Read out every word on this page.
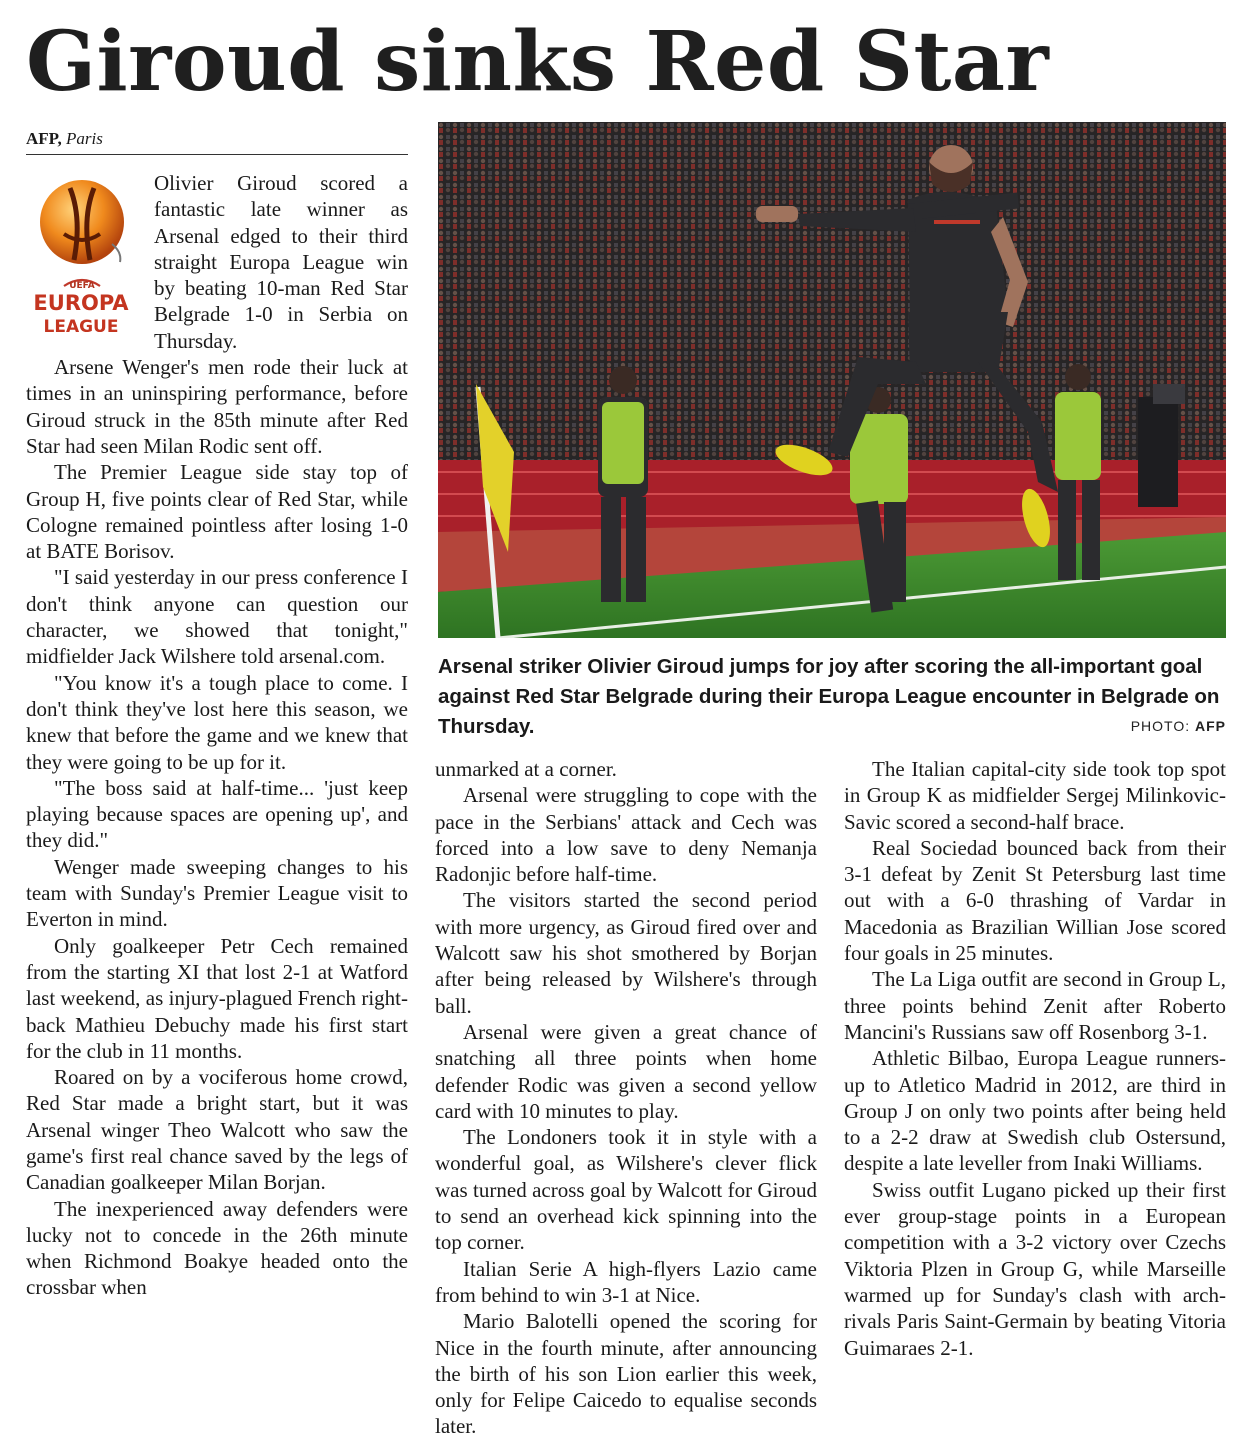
Giroud sinks Red Star
AFP, Paris
UEFA
EUROPA
LEAGUE

Olivier Giroud scored a fantastic late winner as Arsenal edged to their third straight Europa League win by beating 10-man Red Star Belgrade 1-0 in Serbia on Thursday.

Arsene Wenger's men rode their luck at times in an uninspiring performance, before Giroud struck in the 85th minute after Red Star had seen Milan Rodic sent off.

The Premier League side stay top of Group H, five points clear of Red Star, while Cologne remained pointless after losing 1-0 at BATE Borisov.

"I said yesterday in our press conference I don't think anyone can question our character, we showed that tonight," midfielder Jack Wilshere told arsenal.com.

"You know it's a tough place to come. I don't think they've lost here this season, we knew that before the game and we knew that they were going to be up for it.

"The boss said at half-time... 'just keep playing because spaces are opening up', and they did."

Wenger made sweeping changes to his team with Sunday's Premier League visit to Everton in mind.

Only goalkeeper Petr Cech remained from the starting XI that lost 2-1 at Watford last weekend, as injury-plagued French right-back Mathieu Debuchy made his first start for the club in 11 months.

Roared on by a vociferous home crowd, Red Star made a bright start, but it was Arsenal winger Theo Walcott who saw the game's first real chance saved by the legs of Canadian goalkeeper Milan Borjan.

The inexperienced away defenders were lucky not to concede in the 26th minute when Richmond Boakye headed onto the crossbar when

Arsenal striker Olivier Giroud jumps for joy after scoring the all-important goal against Red Star Belgrade during their Europa League encounter in Belgrade on Thursday.	PHOTO: AFP

unmarked at a corner.

Arsenal were struggling to cope with the pace in the Serbians' attack and Cech was forced into a low save to deny Nemanja Radonjic before half-time.

The visitors started the second period with more urgency, as Giroud fired over and Walcott saw his shot smothered by Borjan after being released by Wilshere's through ball.

Arsenal were given a great chance of snatching all three points when home defender Rodic was given a second yellow card with 10 minutes to play.

The Londoners took it in style with a wonderful goal, as Wilshere's clever flick was turned across goal by Walcott for Giroud to send an overhead kick spinning into the top corner.

Italian Serie A high-flyers Lazio came from behind to win 3-1 at Nice.

Mario Balotelli opened the scoring for Nice in the fourth minute, after announcing the birth of his son Lion earlier this week, only for Felipe Caicedo to equalise seconds later.

The Italian capital-city side took top spot in Group K as midfielder Sergej Milinkovic-Savic scored a second-half brace.

Real Sociedad bounced back from their 3-1 defeat by Zenit St Petersburg last time out with a 6-0 thrashing of Vardar in Macedonia as Brazilian Willian Jose scored four goals in 25 minutes.

The La Liga outfit are second in Group L, three points behind Zenit after Roberto Mancini's Russians saw off Rosenborg 3-1.

Athletic Bilbao, Europa League runners-up to Atletico Madrid in 2012, are third in Group J on only two points after being held to a 2-2 draw at Swedish club Ostersund, despite a late leveller from Inaki Williams.

Swiss outfit Lugano picked up their first ever group-stage points in a European competition with a 3-2 victory over Czechs Viktoria Plzen in Group G, while Marseille warmed up for Sunday's clash with arch-rivals Paris Saint-Germain by beating Vitoria Guimaraes 2-1.
